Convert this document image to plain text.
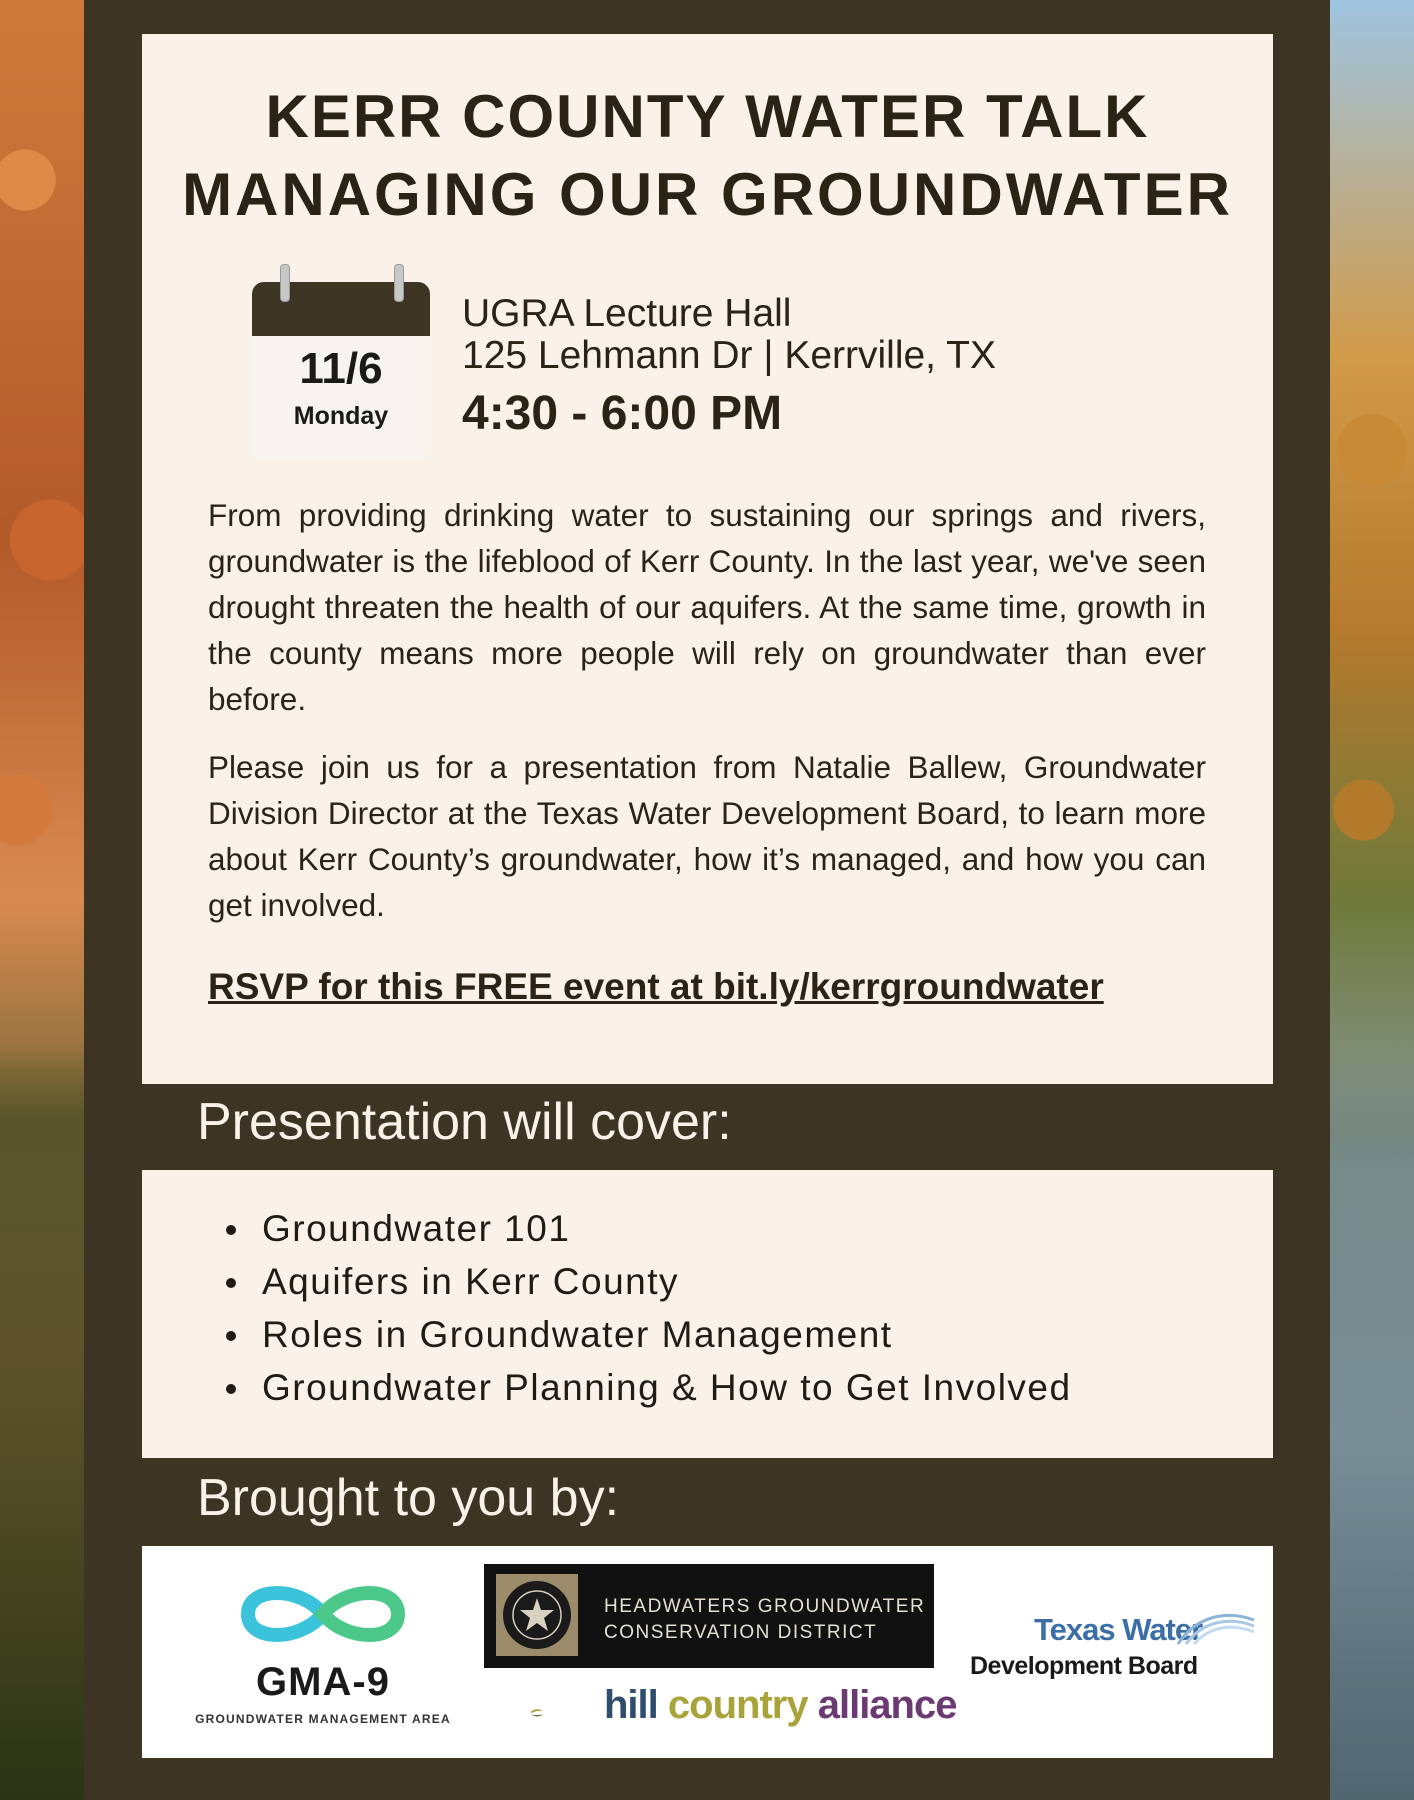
KERR COUNTY WATER TALK
MANAGING OUR GROUNDWATER
11/6
Monday
UGRA Lecture Hall
125 Lehmann Dr | Kerrville, TX
4:30 - 6:00 PM
From providing drinking water to sustaining our springs and rivers, groundwater is the lifeblood of Kerr County. In the last year, we've seen drought threaten the health of our aquifers. At the same time, growth in the county means more people will rely on groundwater than ever before.
Please join us for a presentation from Natalie Ballew, Groundwater Division Director at the Texas Water Development Board, to learn more about Kerr County’s groundwater, how it’s managed, and how you can get involved.
RSVP for this FREE event at bit.ly/kerrgroundwater
Presentation will cover:
Groundwater 101
Aquifers in Kerr County
Roles in Groundwater Management
Groundwater Planning & How to Get Involved
Brought to you by:
GMA-9
GROUNDWATER MANAGEMENT AREA
HEADWATERS GROUNDWATER
CONSERVATION DISTRICT
hill country alliance
Texas Water
Development Board
